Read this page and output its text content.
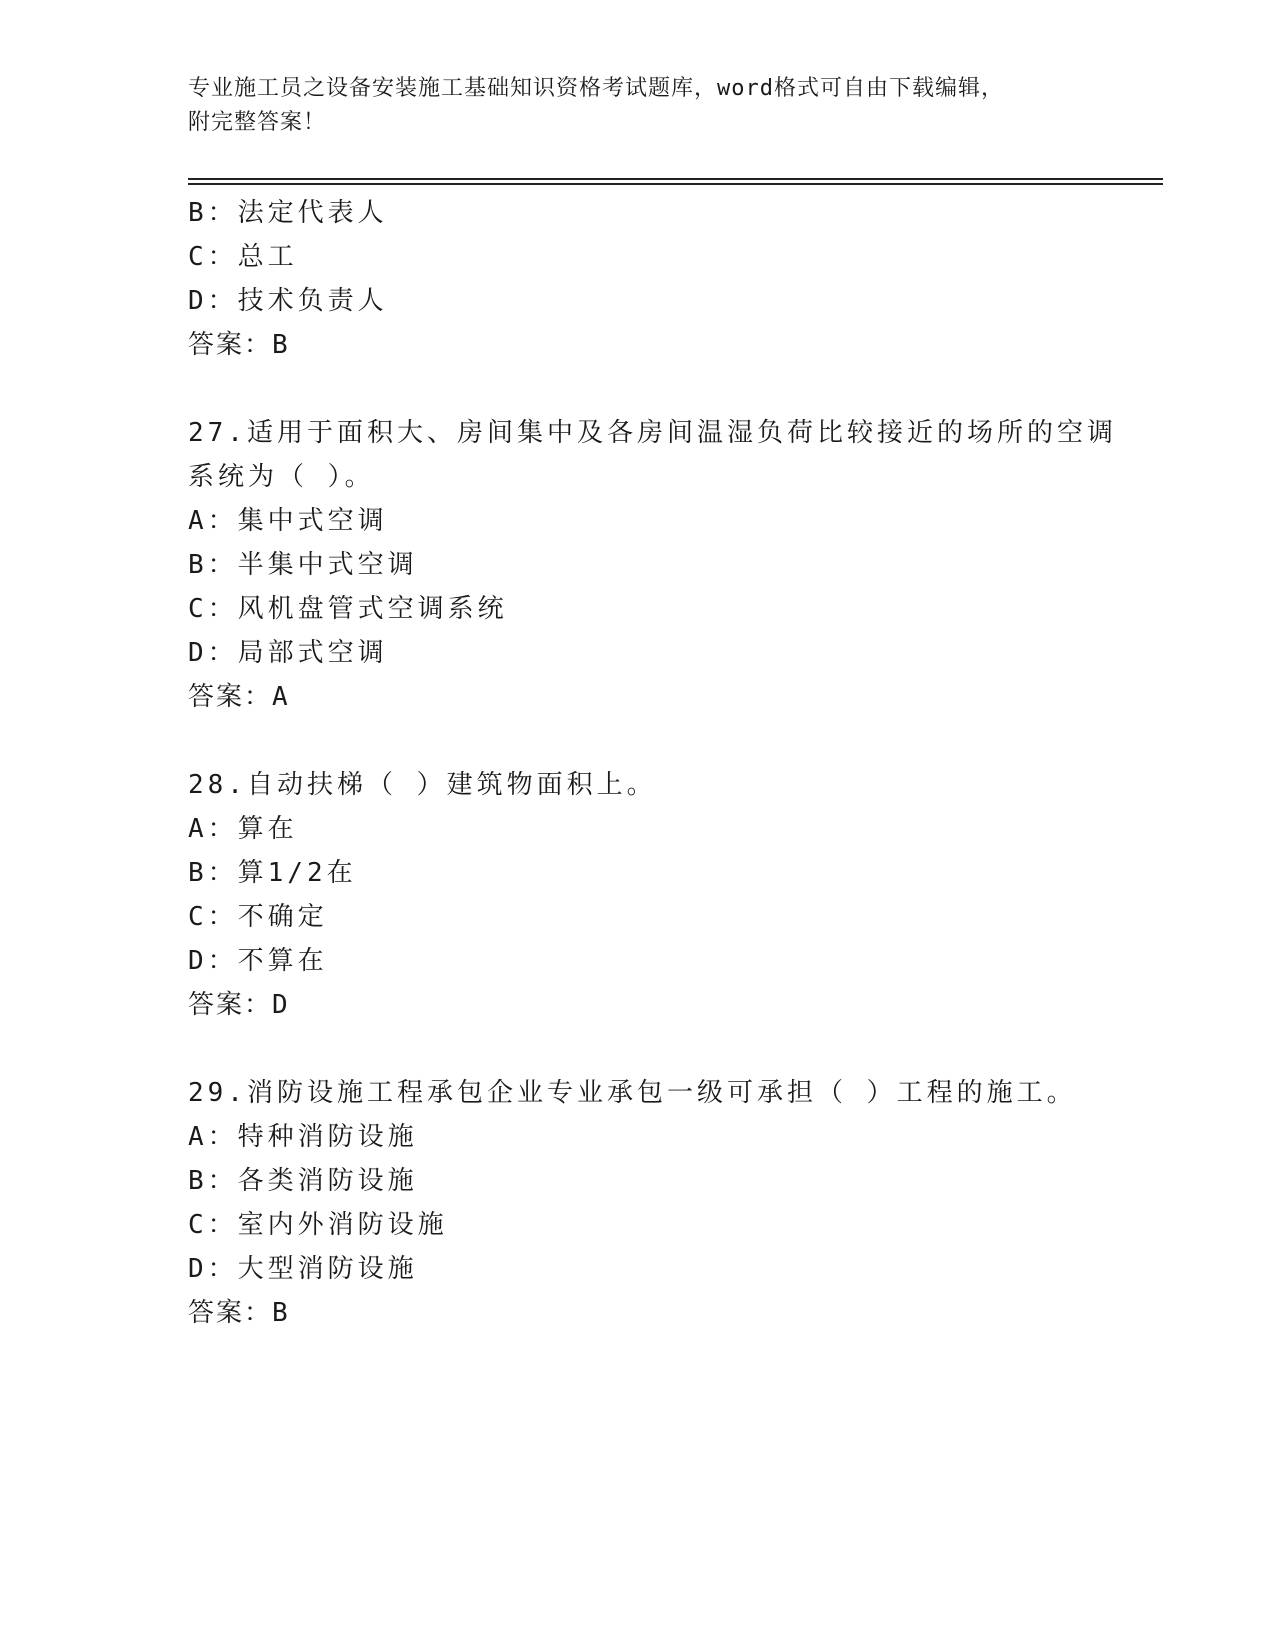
专业施工员之设备安装施工基础知识资格考试题库，word格式可自由下载编辑，
附完整答案！
B：法定代表人
C：总工
D：技术负责人
答案：B
27.适用于面积大、房间集中及各房间温湿负荷比较接近的场所的空调
系统为（ ）。
A：集中式空调
B：半集中式空调
C：风机盘管式空调系统
D：局部式空调
答案：A
28.自动扶梯（ ）建筑物面积上。
A：算在
B：算1/2在
C：不确定
D：不算在
答案：D
29.消防设施工程承包企业专业承包一级可承担（ ）工程的施工。
A：特种消防设施
B：各类消防设施
C：室内外消防设施
D：大型消防设施
答案：B
